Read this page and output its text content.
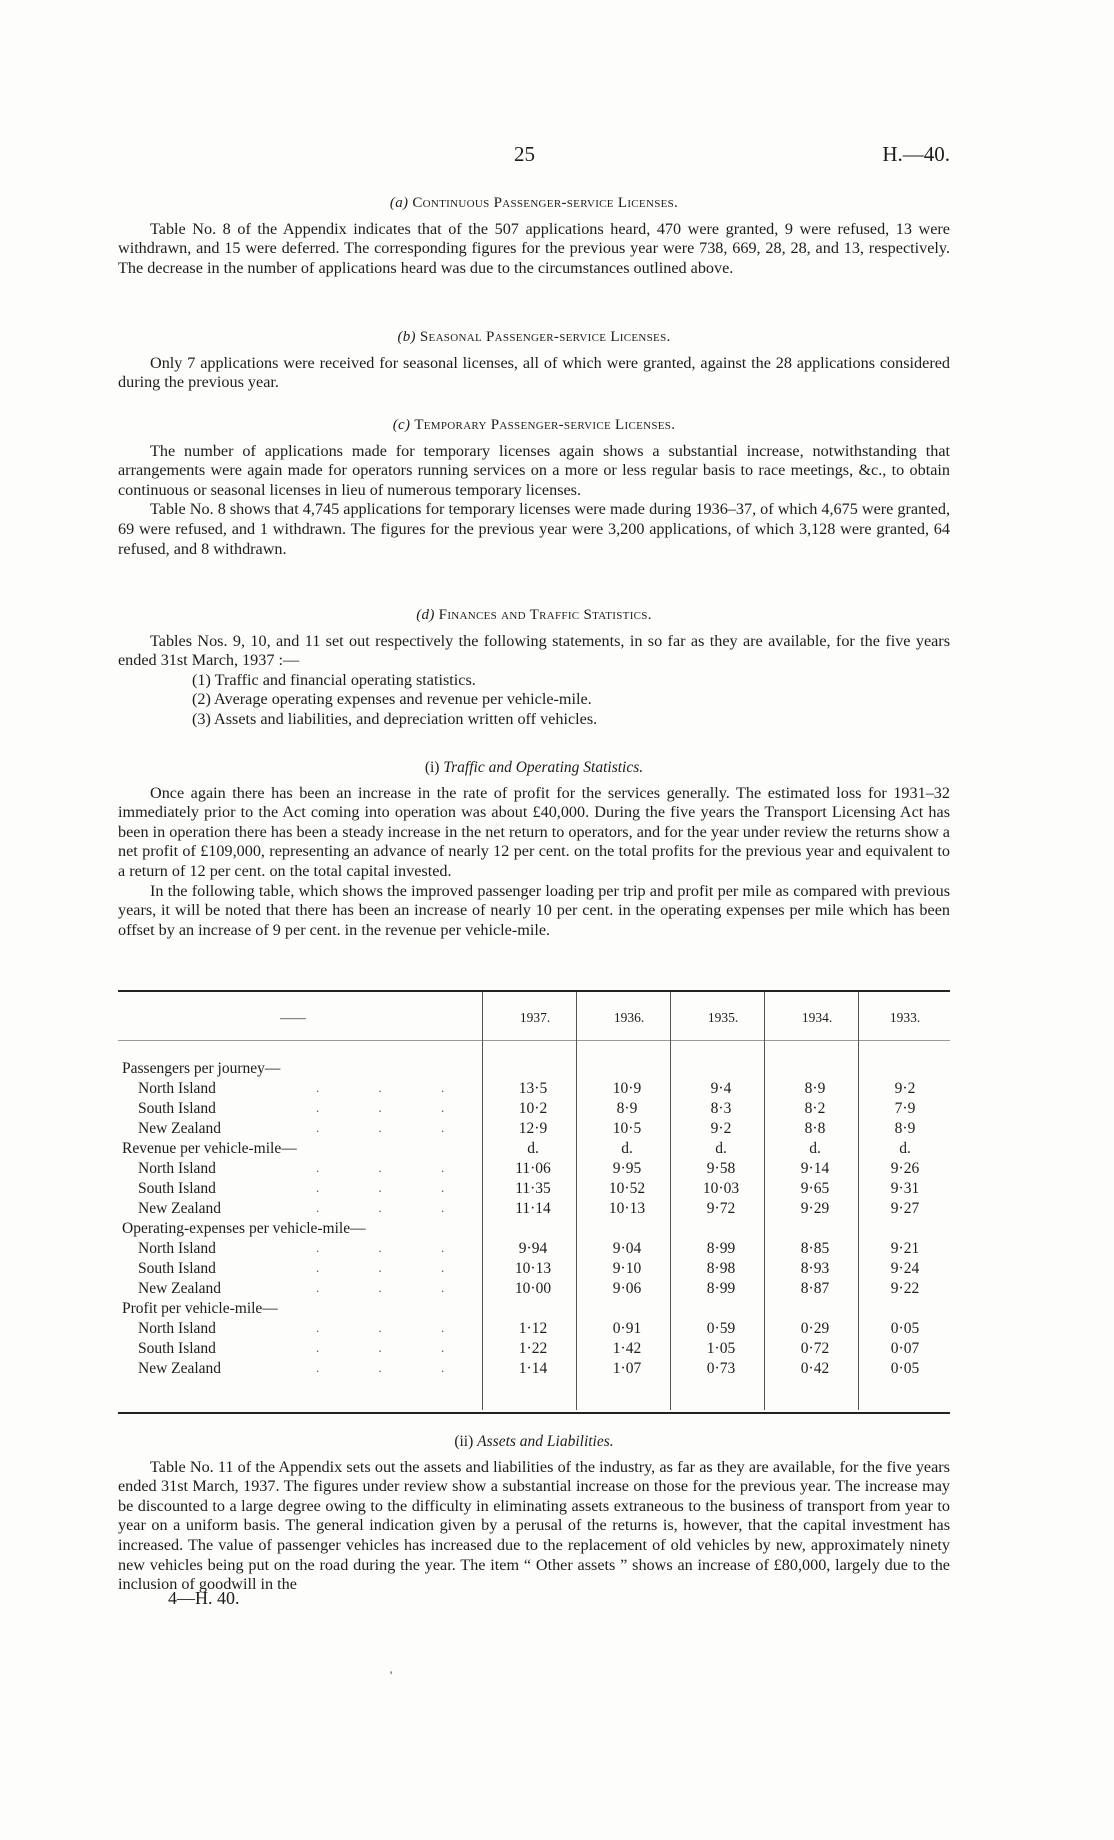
25	H.—40.
(a) Continuous Passenger-service Licenses.

Table No. 8 of the Appendix indicates that of the 507 applications heard, 470 were granted, 9 were refused, 13 were withdrawn, and 15 were deferred. The corresponding figures for the previous year were 738, 669, 28, 28, and 13, respectively. The decrease in the number of applications heard was due to the circumstances outlined above.

(b) Seasonal Passenger-service Licenses.

Only 7 applications were received for seasonal licenses, all of which were granted, against the 28 applications considered during the previous year.

(c) Temporary Passenger-service Licenses.

The number of applications made for temporary licenses again shows a substantial increase, notwithstanding that arrangements were again made for operators running services on a more or less regular basis to race meetings, &c., to obtain continuous or seasonal licenses in lieu of numerous temporary licenses.

Table No. 8 shows that 4,745 applications for temporary licenses were made during 1936–37, of which 4,675 were granted, 69 were refused, and 1 withdrawn. The figures for the previous year were 3,200 applications, of which 3,128 were granted, 64 refused, and 8 withdrawn.

(d) Finances and Traffic Statistics.

Tables Nos. 9, 10, and 11 set out respectively the following statements, in so far as they are available, for the five years ended 31st March, 1937 :—

(1) Traffic and financial operating statistics.
(2) Average operating expenses and revenue per vehicle-mile.
(3) Assets and liabilities, and depreciation written off vehicles.
(i) Traffic and Operating Statistics.

Once again there has been an increase in the rate of profit for the services generally. The estimated loss for 1931–32 immediately prior to the Act coming into operation was about £40,000. During the five years the Transport Licensing Act has been in operation there has been a steady increase in the net return to operators, and for the year under review the returns show a net profit of £109,000, representing an advance of nearly 12 per cent. on the total profits for the previous year and equivalent to a return of 12 per cent. on the total capital invested.

In the following table, which shows the improved passenger loading per trip and profit per mile as compared with previous years, it will be noted that there has been an increase of nearly 10 per cent. in the operating expenses per mile which has been offset by an increase of 9 per cent. in the revenue per vehicle-mile.

——	1937.	1936.	1935.	1934.	1933.
Passengers per journey—
North Island	. . .	13·5	10·9	9·4	8·9	9·2
South Island	. . .	10·2	8·9	8·3	8·2	7·9
New Zealand	. . .	12·9	10·5	9·2	8·8	8·9
Revenue per vehicle-mile—	d.	d.	d.	d.	d.
North Island	. . .	11·06	9·95	9·58	9·14	9·26
South Island	. . .	11·35	10·52	10·03	9·65	9·31
New Zealand	. . .	11·14	10·13	9·72	9·29	9·27
Operating-expenses per vehicle-mile—
North Island	. . .	9·94	9·04	8·99	8·85	9·21
South Island	. . .	10·13	9·10	8·98	8·93	9·24
New Zealand	. . .	10·00	9·06	8·99	8·87	9·22
Profit per vehicle-mile—
North Island	. . .	1·12	0·91	0·59	0·29	0·05
South Island	. . .	1·22	1·42	1·05	0·72	0·07
New Zealand	. . .	1·14	1·07	0·73	0·42	0·05
(ii) Assets and Liabilities.

Table No. 11 of the Appendix sets out the assets and liabilities of the industry, as far as they are available, for the five years ended 31st March, 1937. The figures under review show a substantial increase on those for the previous year. The increase may be discounted to a large degree owing to the difficulty in eliminating assets extraneous to the business of transport from year to year on a uniform basis. The general indication given by a perusal of the returns is, however, that the capital investment has increased. The value of passenger vehicles has increased due to the replacement of old vehicles by new, approximately ninety new vehicles being put on the road during the year. The item “ Other assets ” shows an increase of £80,000, largely due to the inclusion of goodwill in the

4—H. 40.
'
